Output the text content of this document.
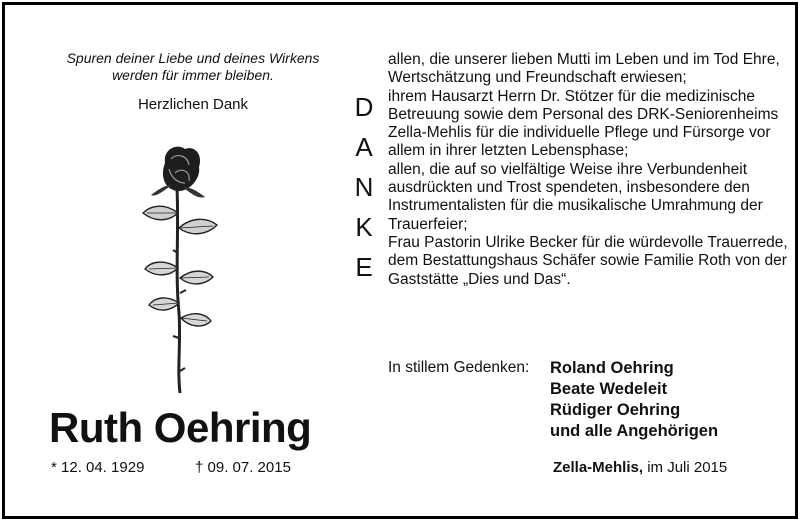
Spuren deiner Liebe und deines Wirkens
werden für immer bleiben.
Herzlichen Dank
Ruth Oehring
* 12. 04. 1929	† 09. 07. 2015
D
A
N
K
E

allen, die unserer lieben Mutti im Leben und im Tod Ehre, Wertschätzung und Freundschaft erwiesen;

ihrem Hausarzt Herrn Dr. Stötzer für die medizinische Betreuung sowie dem Personal des DRK-Seniorenheims Zella-Mehlis für die individuelle Pflege und Fürsorge vor allem in ihrer letzten Lebensphase;

allen, die auf so vielfältige Weise ihre Verbundenheit ausdrückten und Trost spendeten, insbesondere den Instrumentalisten für die musikalische Umrahmung der Trauerfeier;

Frau Pastorin Ulrike Becker für die würdevolle Trauerrede, dem Bestattungshaus Schäfer sowie Familie Roth von der Gaststätte „Dies und Das“.

In stillem Gedenken: Roland Oehring
Beate Wedeleit
Rüdiger Oehring
und alle Angehörigen
Zella-Mehlis, im Juli 2015
